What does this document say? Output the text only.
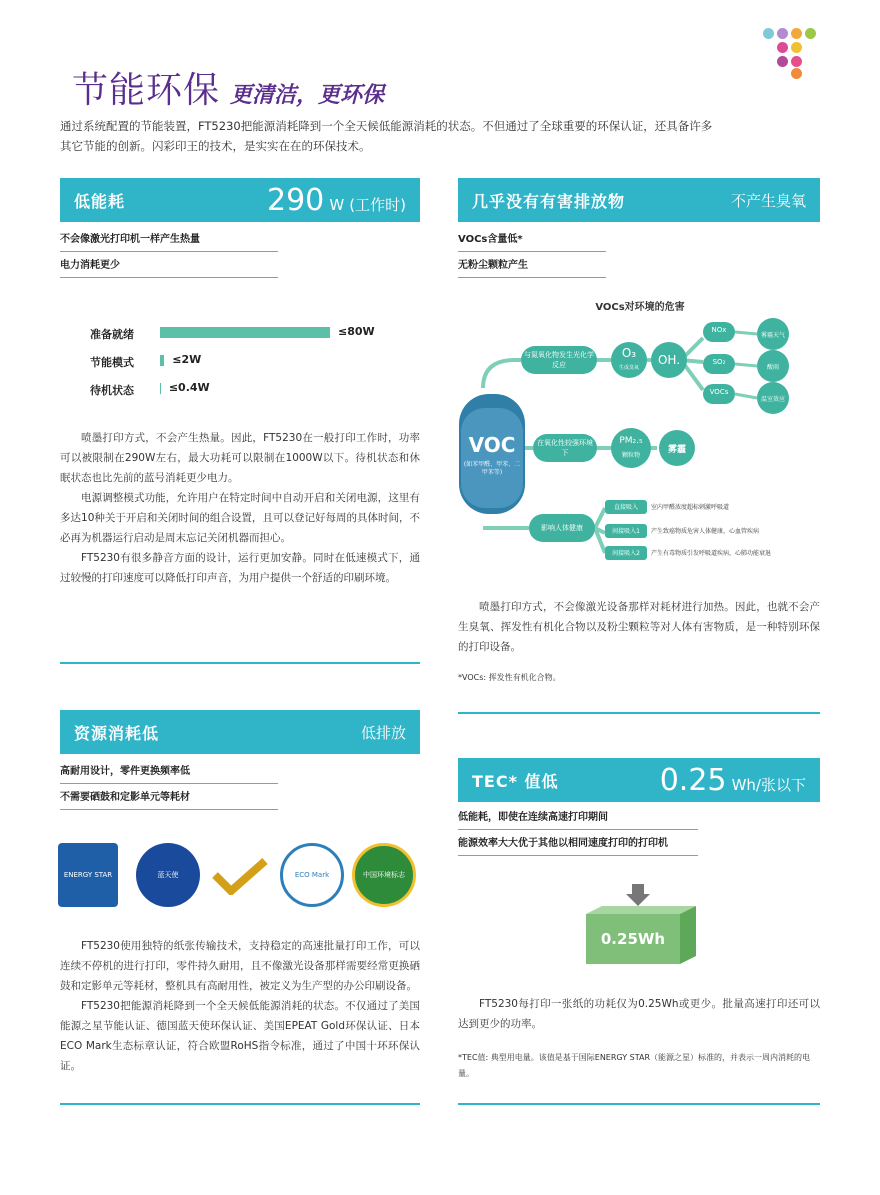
节能环保 更清洁，更环保
通过系统配置的节能装置，FT5230把能源消耗降到一个全天候低能源消耗的状态。不但通过了全球重要的环保认证，还具备许多其它节能的创新。闪彩印王的技术，是实实在在的环保技术。
低能耗	290 W (工作时)
不会像激光打印机一样产生热量
电力消耗更少
准备就绪	≤80W
节能模式	≤2W
待机状态	≤0.4W

喷墨打印方式，不会产生热量。因此，FT5230在一般打印工作时，功率可以被限制在290W左右，最大功耗可以限制在1000W以下。待机状态和休眠状态也比先前的蓝号消耗更少电力。

电源调整模式功能，允许用户在特定时间中自动开启和关闭电源，这里有多达10种关于开启和关闭时间的组合设置，且可以登记好每周的具体时间，不必再为机器运行启动是周末忘记关闭机器而担心。

FT5230有很多静音方面的设计，运行更加安静。同时在低速模式下，通过较慢的打印速度可以降低打印声音，为用户提供一个舒适的印刷环境。

资源消耗低	低排放
高耐用设计，零件更换频率低
不需要硒鼓和定影单元等耗材
ENERGY STAR	蓝天使	ECO Mark	中国环境标志

FT5230使用独特的纸张传输技术，支持稳定的高速批量打印工作，可以连续不停机的进行打印，零件持久耐用，且不像激光设备那样需要经常更换硒鼓和定影单元等耗材，整机具有高耐用性，被定义为生产型的办公印刷设备。

FT5230把能源消耗降到一个全天候低能源消耗的状态。不仅通过了美国能源之星节能认证、德国蓝天使环保认证、美国EPEAT Gold环保认证、日本ECO Mark生态标章认证，符合欧盟RoHS指令标准，通过了中国十环环保认证。

几乎没有有害排放物	不产生臭氧
VOCs含量低*
无粉尘颗粒产生
VOCs对环境的危害
VOC
(如苯甲醛、甲苯、二甲苯等)
与氮氧化物发生光化学反应
O₃
生成臭氧
OH.
NOx
SO₂
VOCs
雾霾天气
酸雨
温室效应
在氧化性较强环境下
PM₂.₅
颗粒物
雾霾
影响人体健康
直接吸入	室内甲醛浓度超标刺激呼吸道
间接吸入1	产生致癌物质危害人体健康，心血管疾病
间接吸入2	产生有毒物质引发呼吸道疾病，心肺功能衰退

喷墨打印方式，不会像激光设备那样对耗材进行加热。因此，也就不会产生臭氧、挥发性有机化合物以及粉尘颗粒等对人体有害物质，是一种特别环保的打印设备。

*VOCs: 挥发性有机化合物。
TEC* 值低	0.25 Wh/张以下
低能耗，即使在连续高速打印期间
能源效率大大优于其他以相同速度打印的打印机
0.25Wh

FT5230每打印一张纸的功耗仅为0.25Wh或更少。批量高速打印还可以达到更少的功率。

*TEC值: 典型用电量。该值是基于国际ENERGY STAR（能源之星）标准的，并表示一周内消耗的电量。
